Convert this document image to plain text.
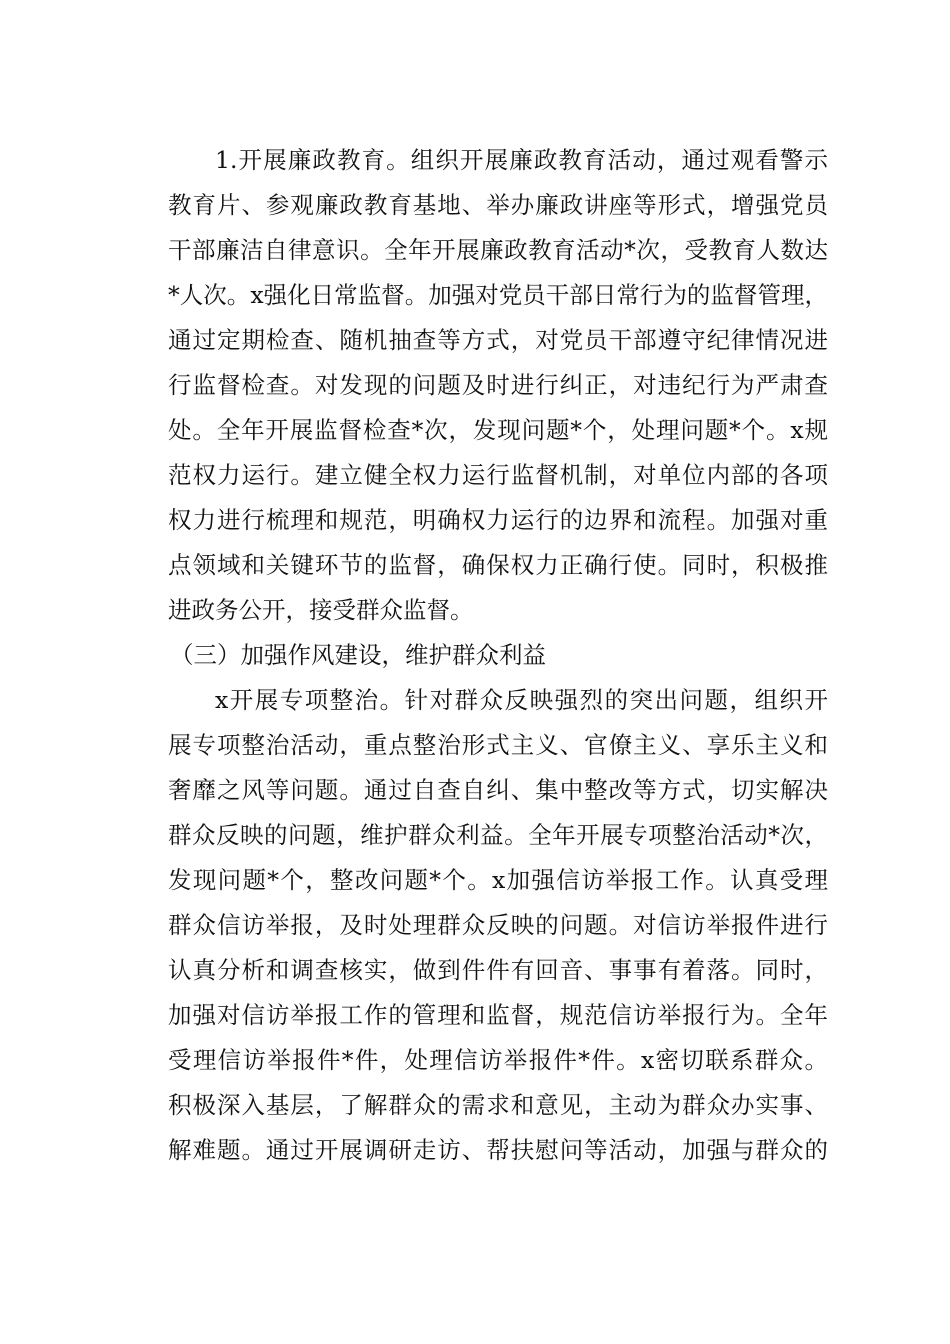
1.开展廉政教育。组织开展廉政教育活动，通过观看警示
教育片、参观廉政教育基地、举办廉政讲座等形式，增强党员
干部廉洁自律意识。全年开展廉政教育活动*次，受教育人数达
*人次。x强化日常监督。加强对党员干部日常行为的监督管理，
通过定期检查、随机抽查等方式，对党员干部遵守纪律情况进
行监督检查。对发现的问题及时进行纠正，对违纪行为严肃查
处。全年开展监督检查*次，发现问题*个，处理问题*个。x规
范权力运行。建立健全权力运行监督机制，对单位内部的各项
权力进行梳理和规范，明确权力运行的边界和流程。加强对重
点领域和关键环节的监督，确保权力正确行使。同时，积极推
进政务公开，接受群众监督。
（三）加强作风建设，维护群众利益
x开展专项整治。针对群众反映强烈的突出问题，组织开
展专项整治活动，重点整治形式主义、官僚主义、享乐主义和
奢靡之风等问题。通过自查自纠、集中整改等方式，切实解决
群众反映的问题，维护群众利益。全年开展专项整治活动*次，
发现问题*个，整改问题*个。x加强信访举报工作。认真受理
群众信访举报，及时处理群众反映的问题。对信访举报件进行
认真分析和调查核实，做到件件有回音、事事有着落。同时，
加强对信访举报工作的管理和监督，规范信访举报行为。全年
受理信访举报件*件，处理信访举报件*件。x密切联系群众。
积极深入基层，了解群众的需求和意见，主动为群众办实事、
解难题。通过开展调研走访、帮扶慰问等活动，加强与群众的
